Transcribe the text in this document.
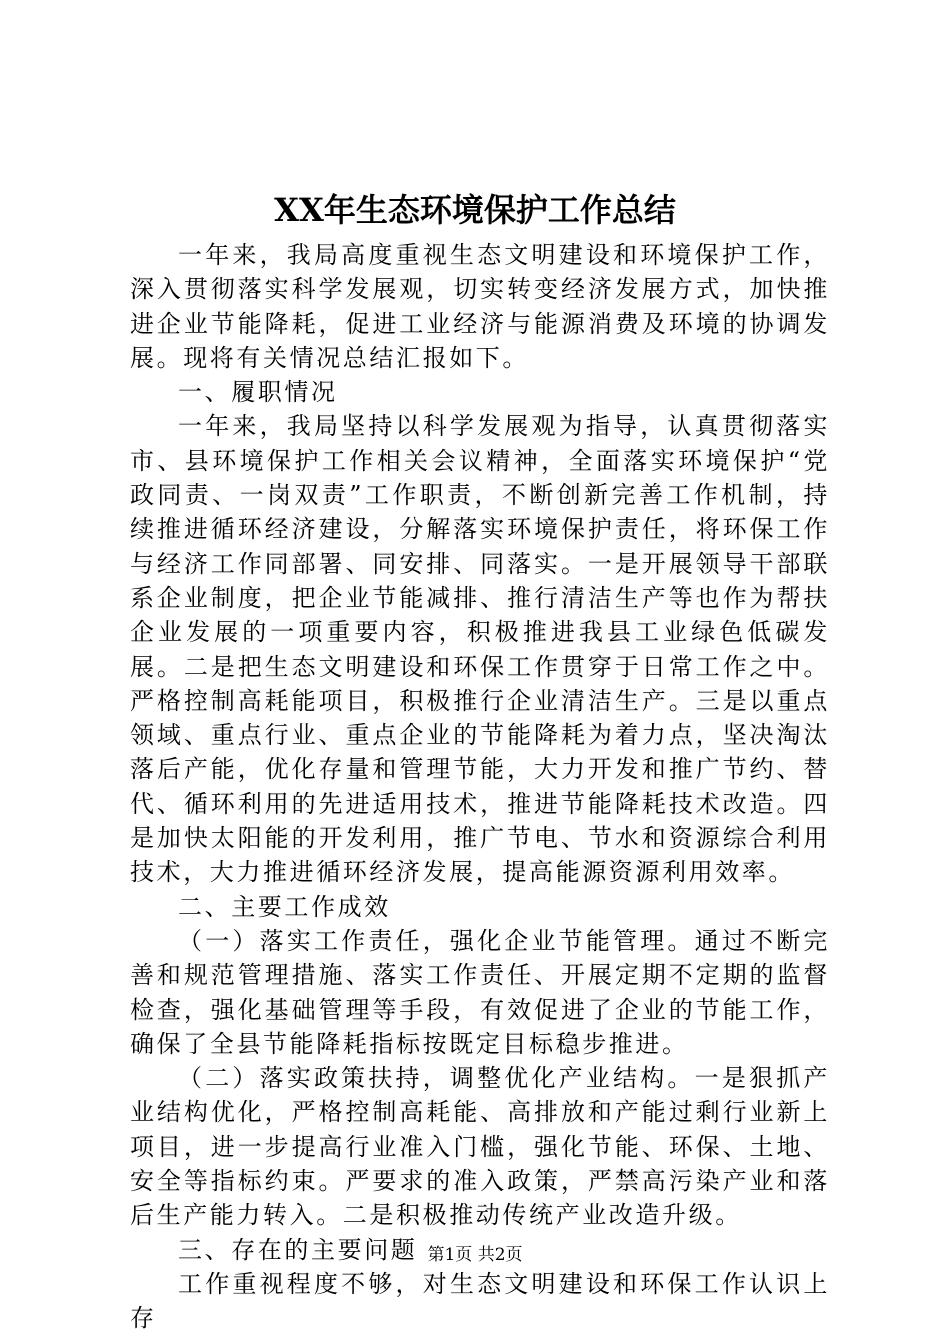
XX年生态环境保护工作总结

一年来，我局高度重视生态文明建设和环境保护工作，深入贯彻落实科学发展观，切实转变经济发展方式，加快推进企业节能降耗，促进工业经济与能源消费及环境的协调发展。现将有关情况总结汇报如下。

一、履职情况

一年来，我局坚持以科学发展观为指导，认真贯彻落实市、县环境保护工作相关会议精神，全面落实环境保护“党政同责、一岗双责”工作职责，不断创新完善工作机制，持续推进循环经济建设，分解落实环境保护责任，将环保工作与经济工作同部署、同安排、同落实。一是开展领导干部联系企业制度，把企业节能减排、推行清洁生产等也作为帮扶企业发展的一项重要内容，积极推进我县工业绿色低碳发展。二是把生态文明建设和环保工作贯穿于日常工作之中。严格控制高耗能项目，积极推行企业清洁生产。三是以重点领域、重点行业、重点企业的节能降耗为着力点，坚决淘汰落后产能，优化存量和管理节能，大力开发和推广节约、替代、循环利用的先进适用技术，推进节能降耗技术改造。四是加快太阳能的开发利用，推广节电、节水和资源综合利用技术，大力推进循环经济发展，提高能源资源利用效率。

二、主要工作成效

（一）落实工作责任，强化企业节能管理。通过不断完善和规范管理措施、落实工作责任、开展定期不定期的监督检查，强化基础管理等手段，有效促进了企业的节能工作，确保了全县节能降耗指标按既定目标稳步推进。

（二）落实政策扶持，调整优化产业结构。一是狠抓产业结构优化，严格控制高耗能、高排放和产能过剩行业新上项目，进一步提高行业准入门槛，强化节能、环保、土地、安全等指标约束。严要求的准入政策，严禁高污染产业和落后生产能力转入。二是积极推动传统产业改造升级。

三、存在的主要问题

工作重视程度不够，对生态文明建设和环保工作认识上存

第1页 共2页
